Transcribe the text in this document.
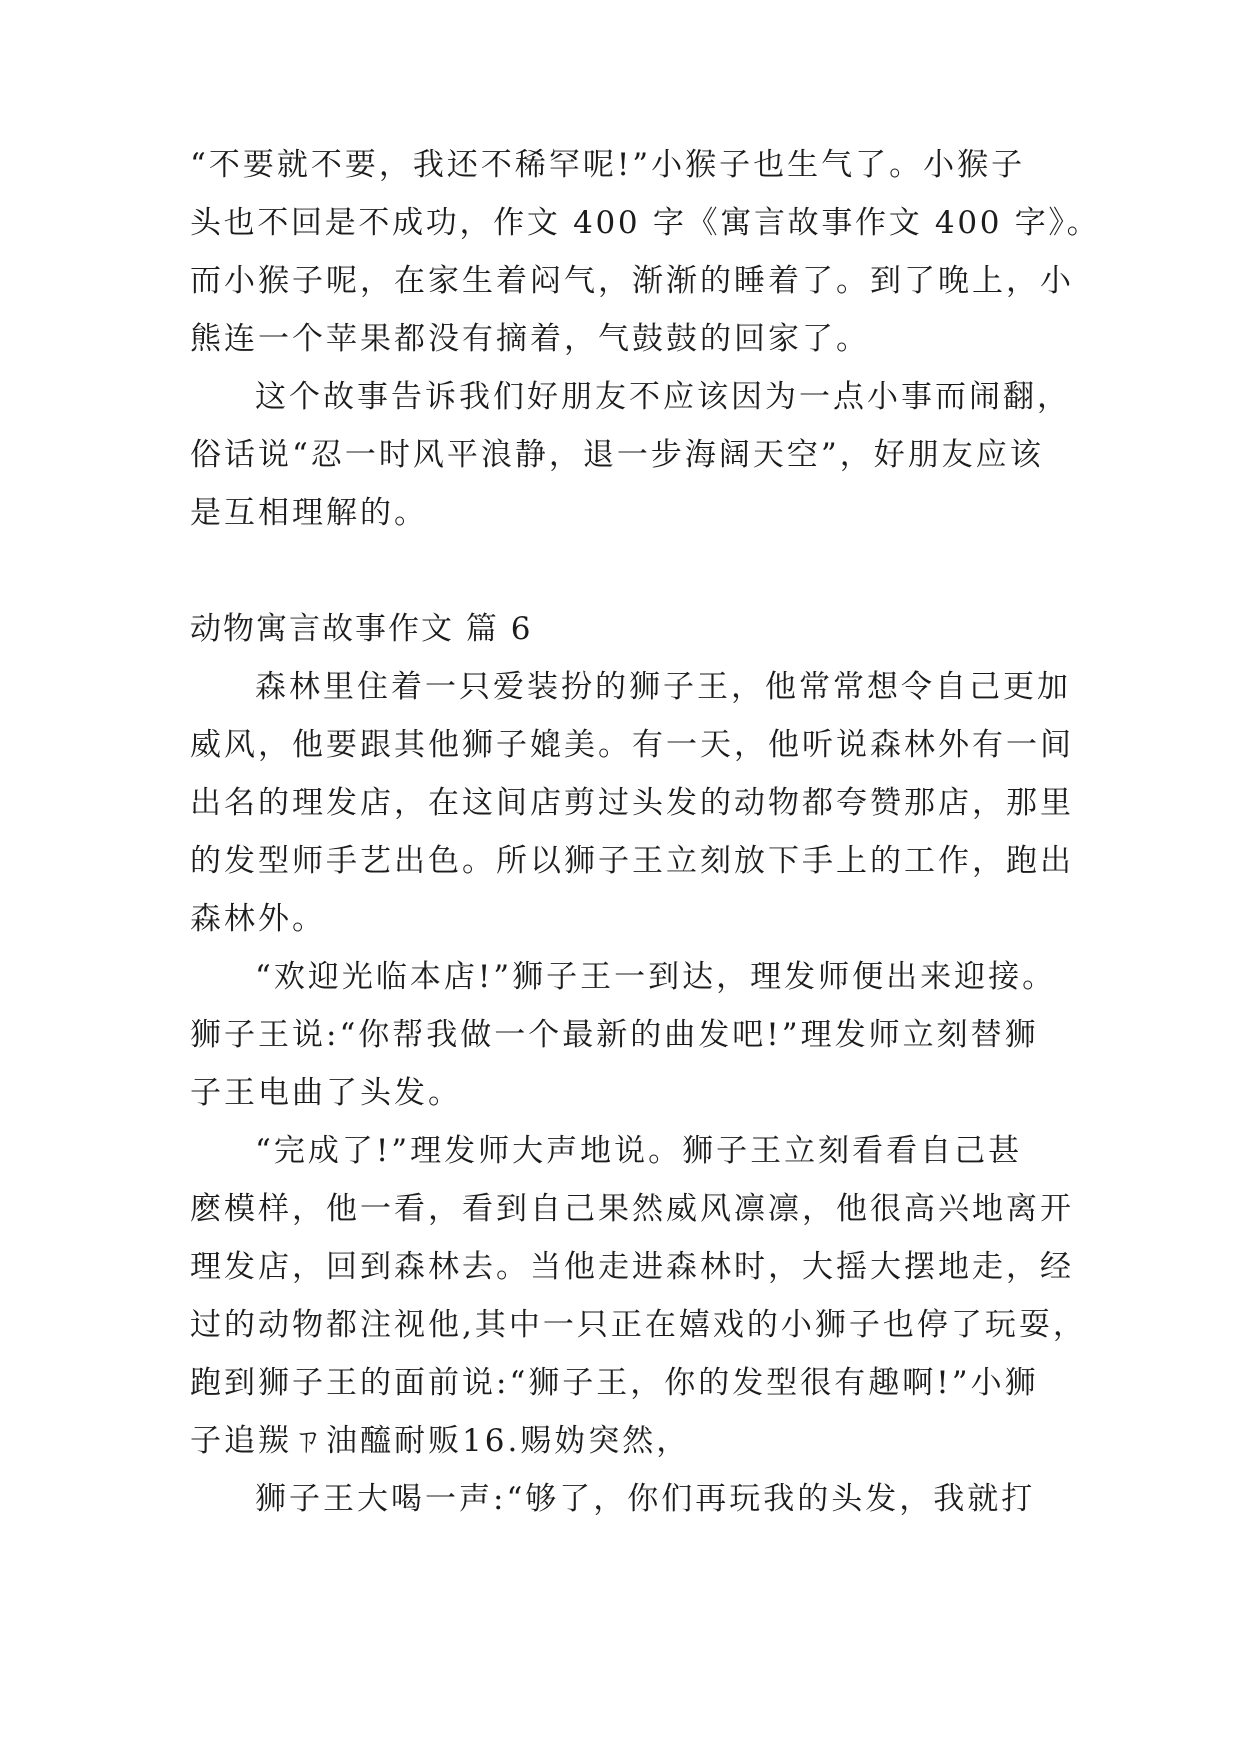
“不要就不要，我还不稀罕呢!”小猴子也生气了。小猴子
头也不回是不成功，作文 400 字《寓言故事作文 400 字》。
而小猴子呢，在家生着闷气，渐渐的睡着了。到了晚上，小
熊连一个苹果都没有摘着，气鼓鼓的回家了。
这个故事告诉我们好朋友不应该因为一点小事而闹翻，
俗话说“忍一时风平浪静，退一步海阔天空”，好朋友应该
是互相理解的。
动物寓言故事作文 篇 6
森林里住着一只爱装扮的狮子王，他常常想令自己更加
威风，他要跟其他狮子媲美。有一天，他听说森林外有一间
出名的理发店，在这间店剪过头发的动物都夸赞那店，那里
的发型师手艺出色。所以狮子王立刻放下手上的工作，跑出
森林外。
“欢迎光临本店!”狮子王一到达，理发师便出来迎接。
狮子王说:“你帮我做一个最新的曲发吧!”理发师立刻替狮
子王电曲了头发。
“完成了!”理发师大声地说。狮子王立刻看看自己甚
麽模样，他一看，看到自己果然威风凛凛，他很高兴地离开
理发店，回到森林去。当他走进森林时，大摇大摆地走，经
过的动物都注视他,其中一只正在嬉戏的小狮子也停了玩耍，
跑到狮子王的面前说:“狮子王，你的发型很有趣啊!”小狮
子追羰ㄗ油醯耐贩16.赐妫突然，
狮子王大喝一声:“够了，你们再玩我的头发，我就打
